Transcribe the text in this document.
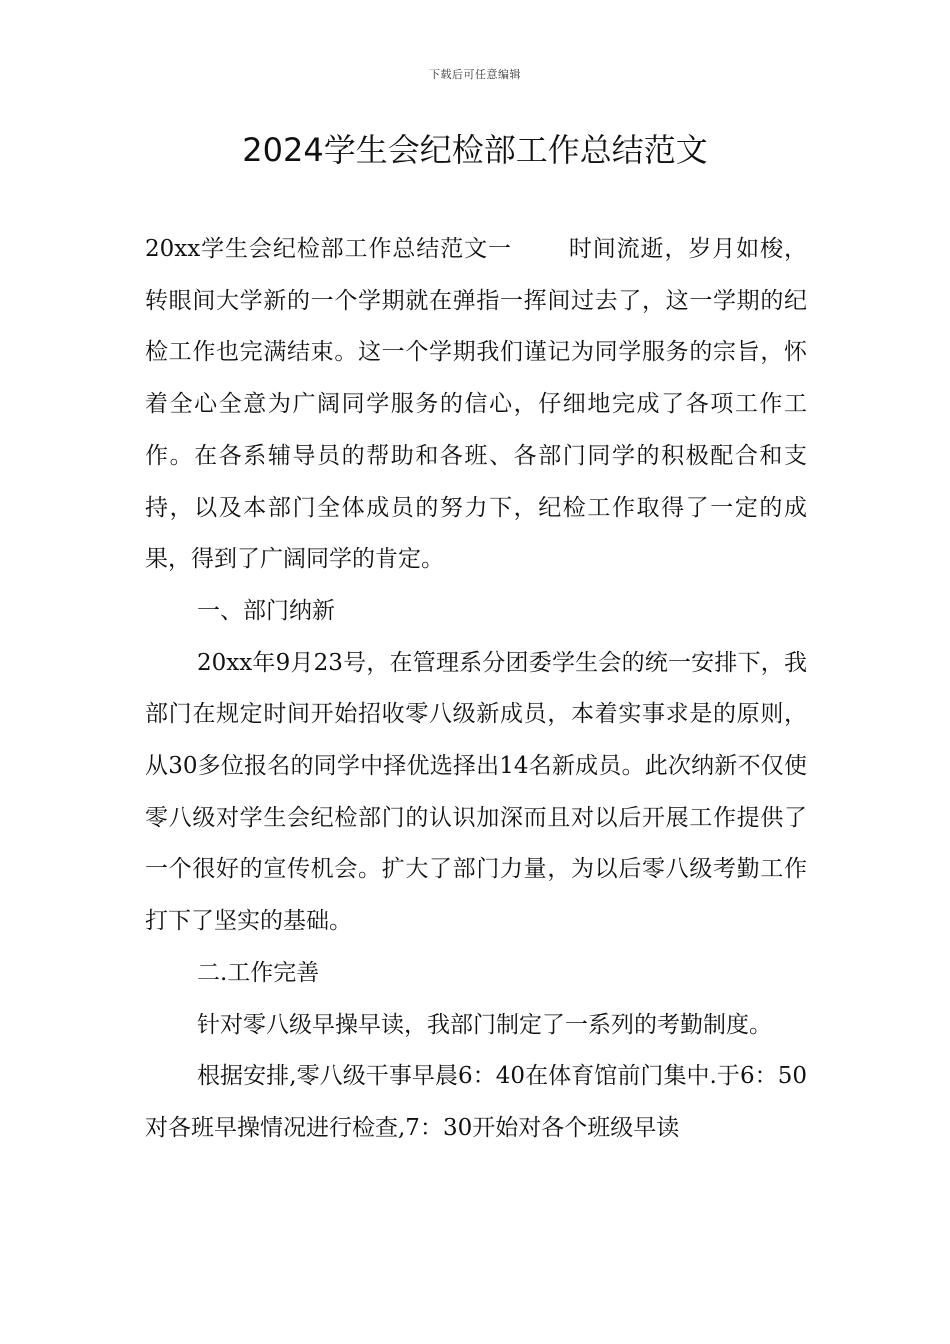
下载后可任意编辑
2024学生会纪检部工作总结范文

20xx学生会纪检部工作总结范文一 时间流逝，岁月如梭，转眼间大学新的一个学期就在弹指一挥间过去了，这一学期的纪检工作也完满结束。这一个学期我们谨记为同学服务的宗旨，怀着全心全意为广阔同学服务的信心，仔细地完成了各项工作工作。在各系辅导员的帮助和各班、各部门同学的积极配合和支持，以及本部门全体成员的努力下，纪检工作取得了一定的成果，得到了广阔同学的肯定。

一、部门纳新

20xx年9月23号，在管理系分团委学生会的统一安排下，我部门在规定时间开始招收零八级新成员，本着实事求是的原则，从30多位报名的同学中择优选择出14名新成员。此次纳新不仅使零八级对学生会纪检部门的认识加深而且对以后开展工作提供了一个很好的宣传机会。扩大了部门力量，为以后零八级考勤工作打下了坚实的基础。

二.工作完善

针对零八级早操早读，我部门制定了一系列的考勤制度。

根据安排,零八级干事早晨6：40在体育馆前门集中.于6：50对各班早操情况进行检查,7：30开始对各个班级早读
